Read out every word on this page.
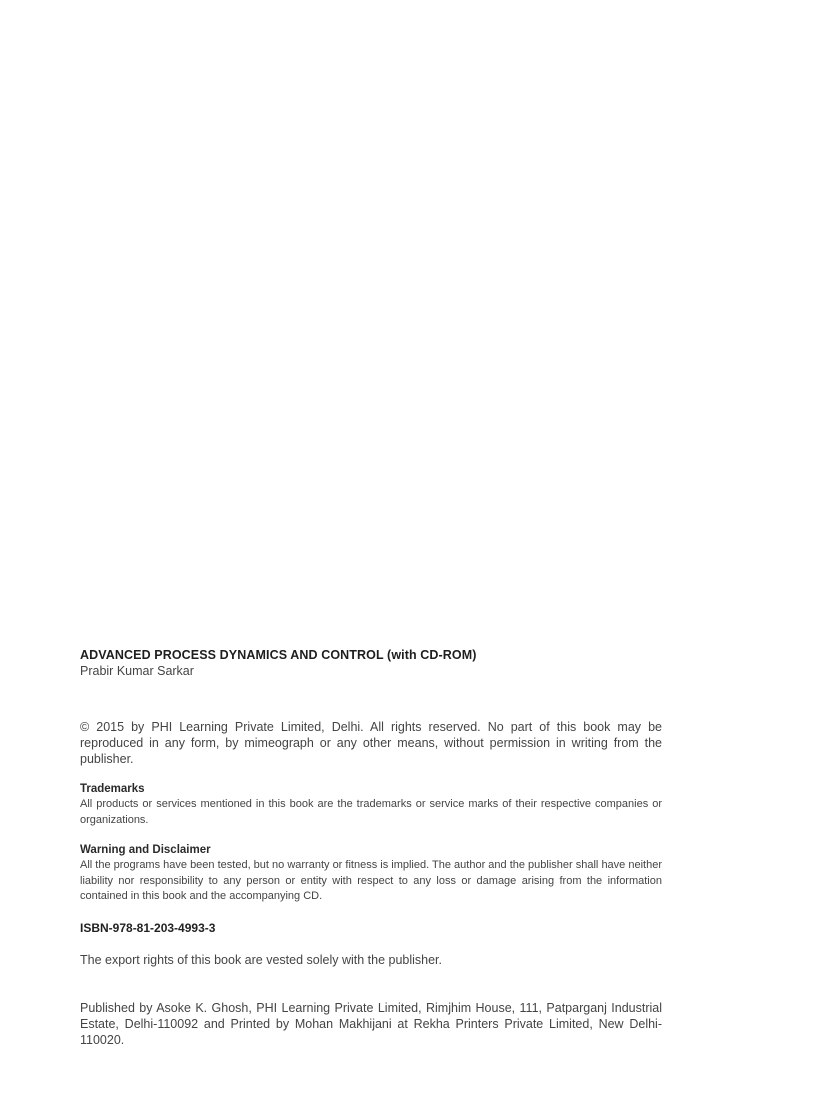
ADVANCED PROCESS DYNAMICS AND CONTROL (with CD-ROM)

Prabir Kumar Sarkar

© 2015 by PHI Learning Private Limited, Delhi. All rights reserved. No part of this book may be reproduced in any form, by mimeograph or any other means, without permission in writing from the publisher.

Trademarks

All products or services mentioned in this book are the trademarks or service marks of their respective companies or organizations.

Warning and Disclaimer

All the programs have been tested, but no warranty or fitness is implied. The author and the publisher shall have neither liability nor responsibility to any person or entity with respect to any loss or damage arising from the information contained in this book and the accompanying CD.

ISBN-978-81-203-4993-3

The export rights of this book are vested solely with the publisher.

Published by Asoke K. Ghosh, PHI Learning Private Limited, Rimjhim House, 111, Patparganj Industrial Estate, Delhi-110092 and Printed by Mohan Makhijani at Rekha Printers Private Limited, New Delhi-110020.
